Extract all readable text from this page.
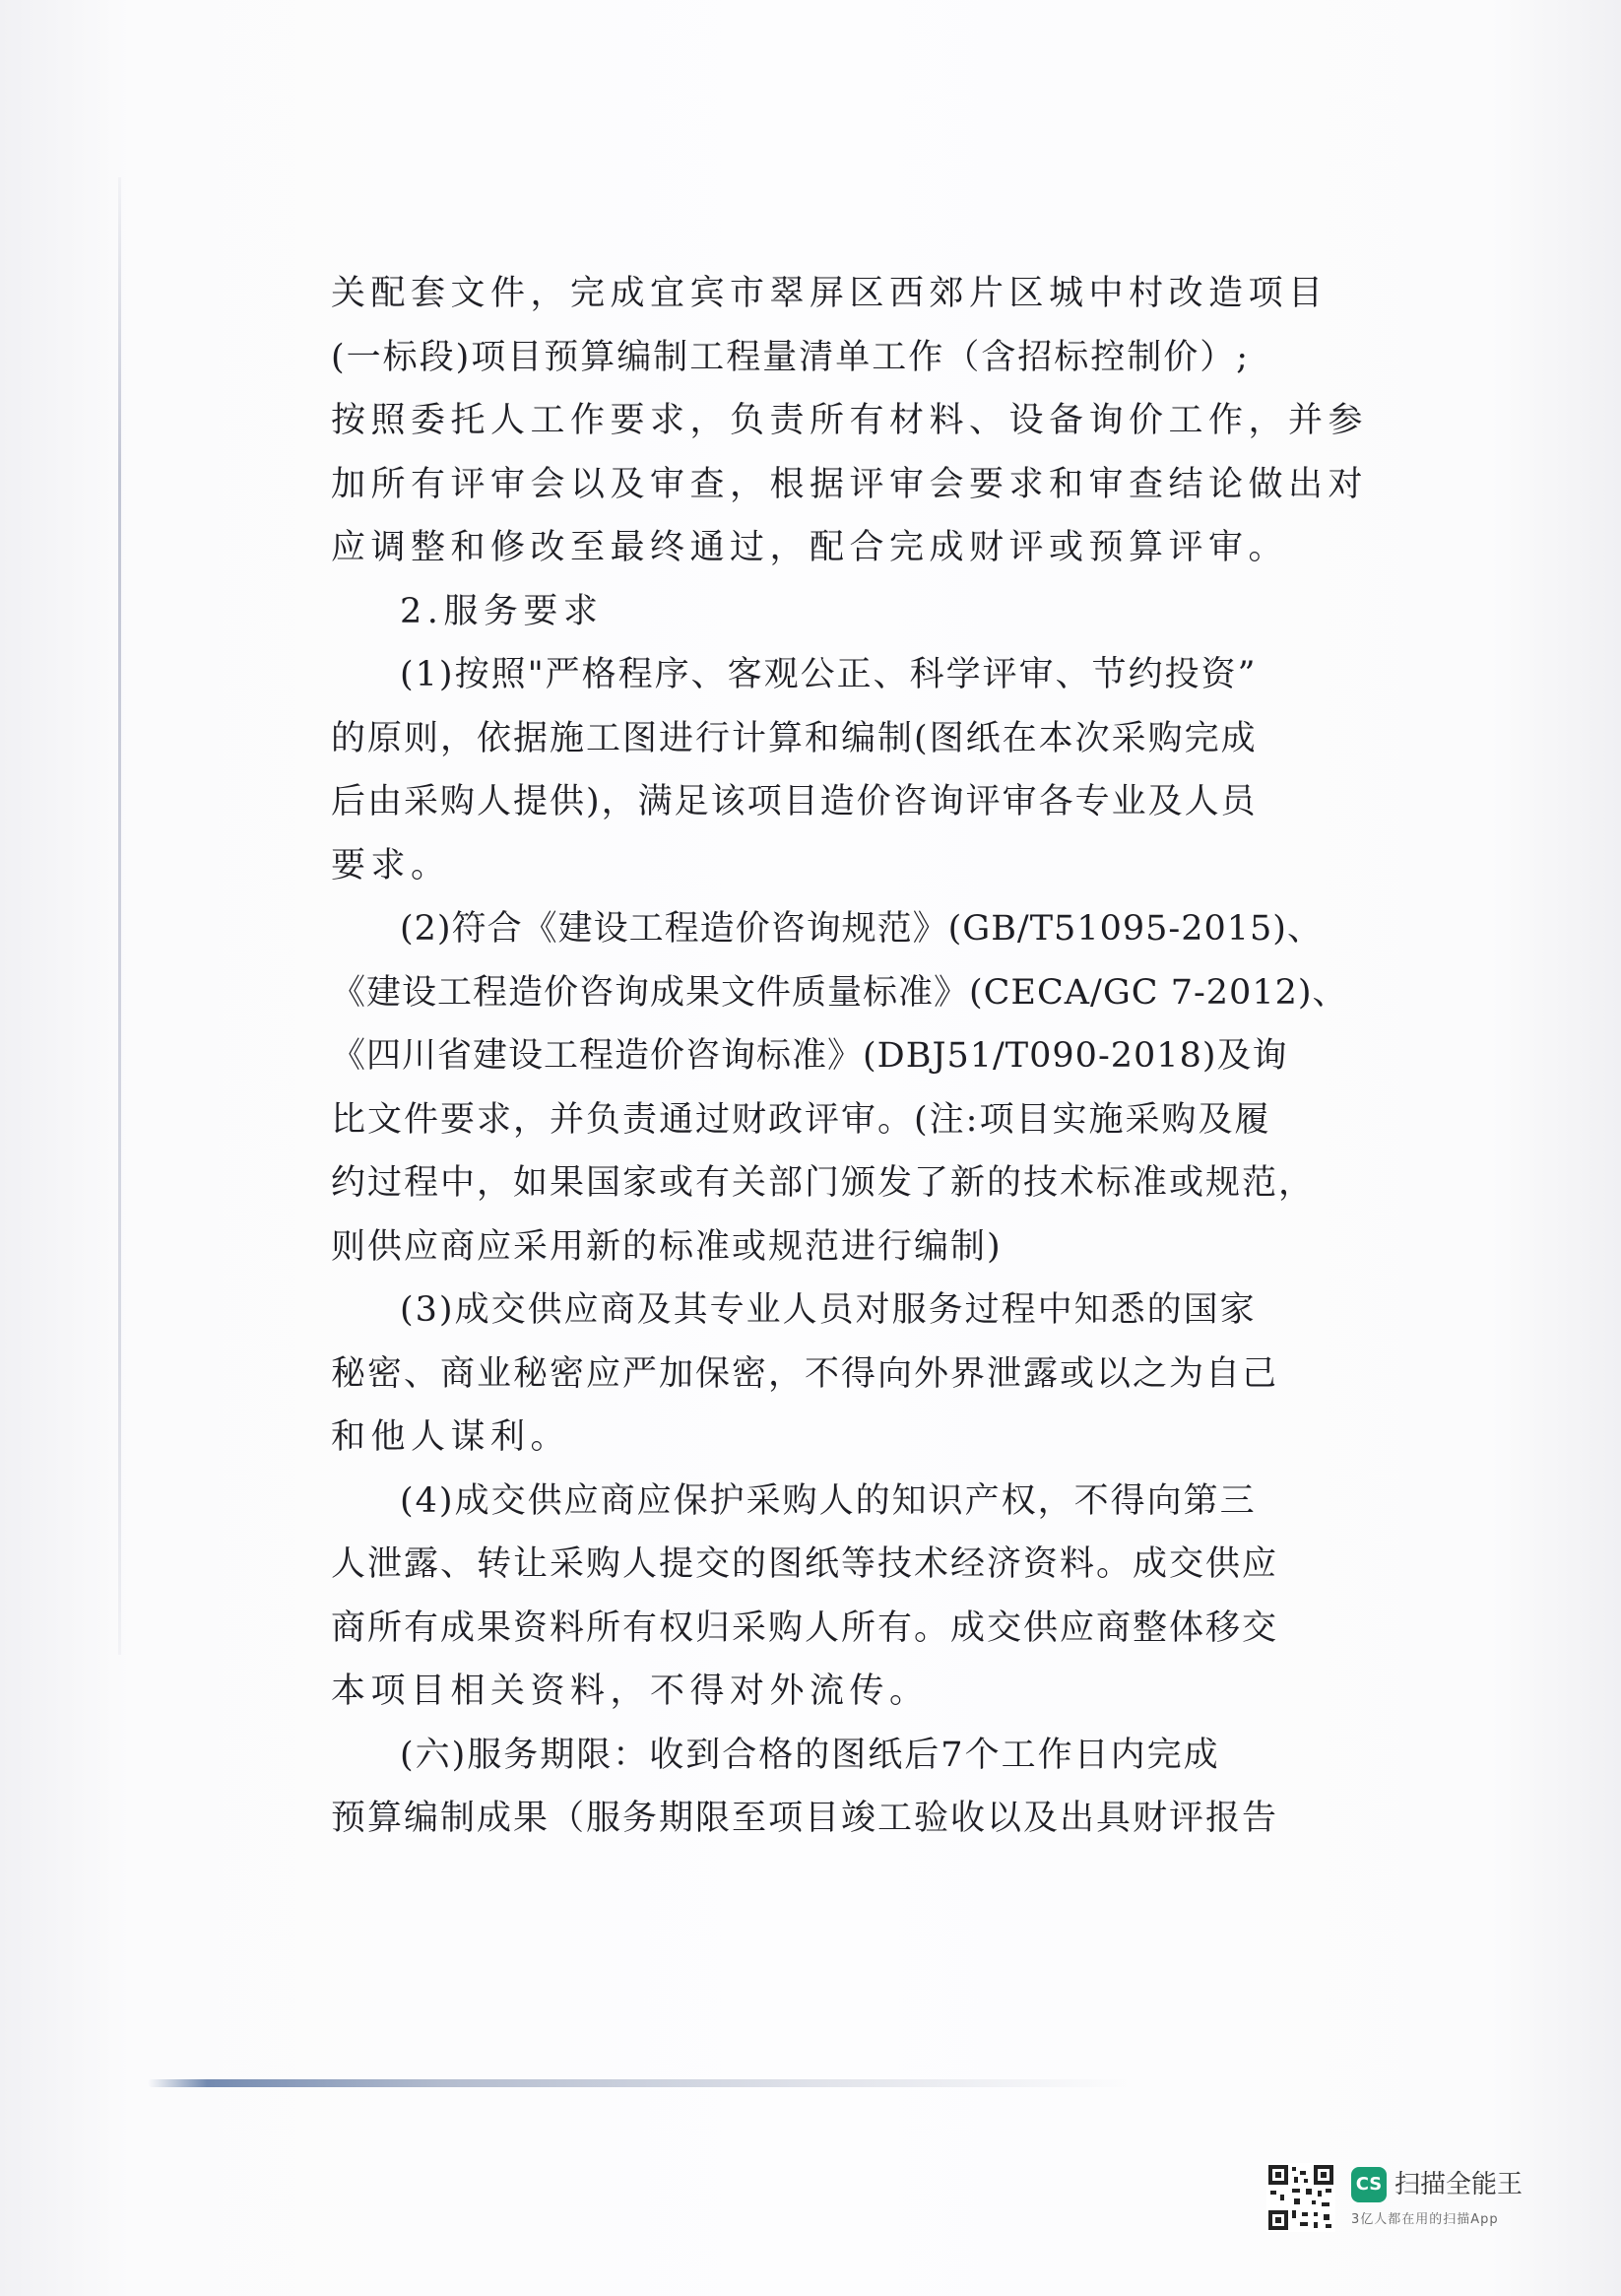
关配套文件，完成宜宾市翠屏区西郊片区城中村改造项目
(一标段)项目预算编制工程量清单工作（含招标控制价）;
按照委托人工作要求，负责所有材料、设备询价工作，并参
加所有评审会以及审查，根据评审会要求和审查结论做出对
应调整和修改至最终通过，配合完成财评或预算评审。
2.服务要求
(1)按照"严格程序、客观公正、科学评审、节约投资”
的原则，依据施工图进行计算和编制(图纸在本次采购完成
后由采购人提供)，满足该项目造价咨询评审各专业及人员
要求。
(2)符合《建设工程造价咨询规范》(GB/T51095-2015)、
《建设工程造价咨询成果文件质量标准》(CECA/GC 7-2012)、
《四川省建设工程造价咨询标准》(DBJ51/T090-2018)及询
比文件要求，并负责通过财政评审。(注:项目实施采购及履
约过程中，如果国家或有关部门颁发了新的技术标准或规范，
则供应商应采用新的标准或规范进行编制)
(3)成交供应商及其专业人员对服务过程中知悉的国家
秘密、商业秘密应严加保密，不得向外界泄露或以之为自己
和他人谋利。
(4)成交供应商应保护采购人的知识产权，不得向第三
人泄露、转让采购人提交的图纸等技术经济资料。成交供应
商所有成果资料所有权归采购人所有。成交供应商整体移交
本项目相关资料，不得对外流传。
(六)服务期限：收到合格的图纸后7个工作日内完成
预算编制成果（服务期限至项目竣工验收以及出具财评报告
CS 扫描全能王
3亿人都在用的扫描App
